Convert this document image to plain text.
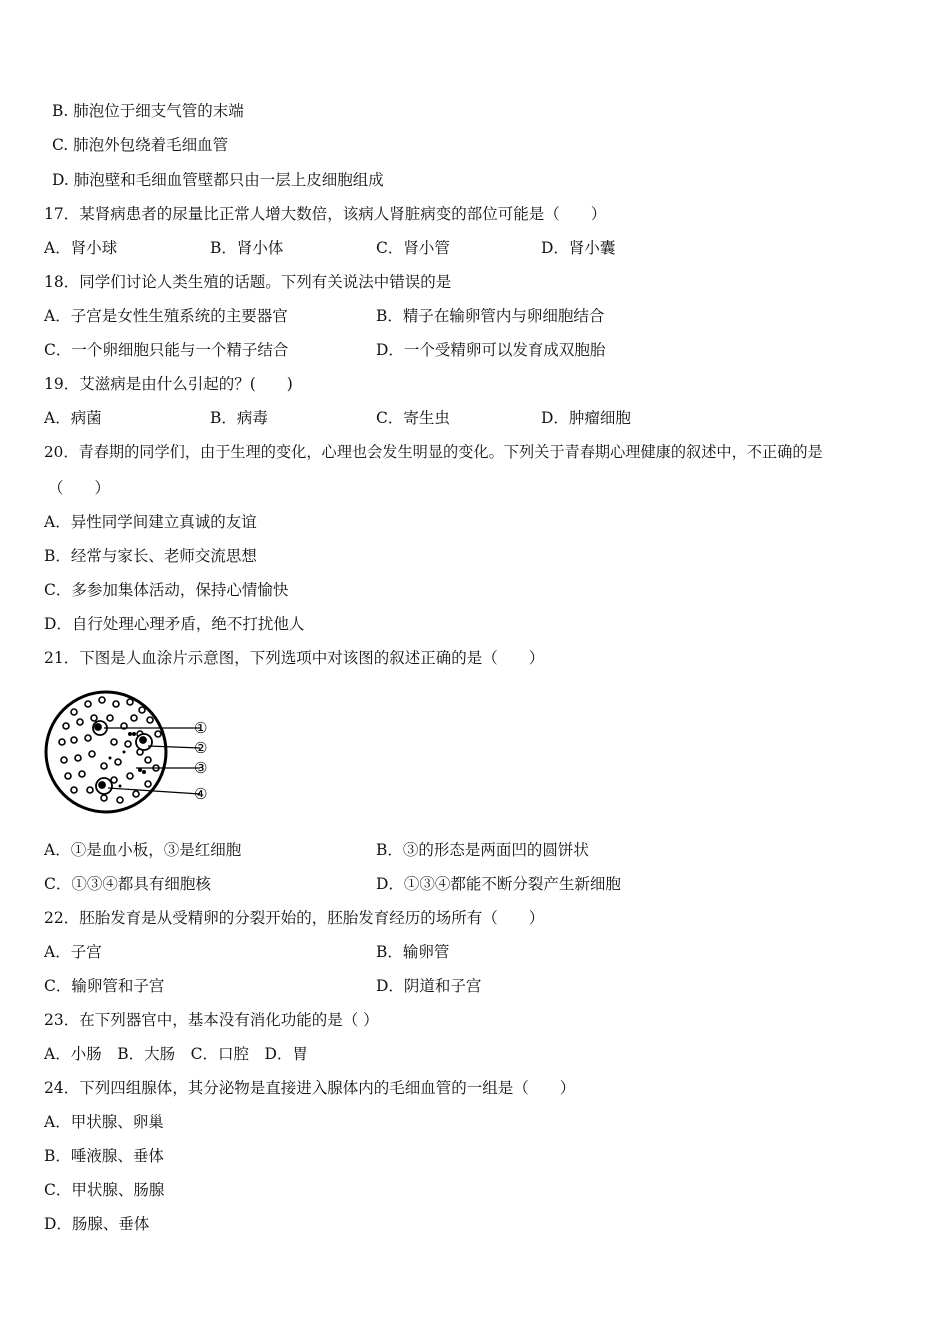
B. 肺泡位于细支气管的末端
C. 肺泡外包绕着毛细血管
D. 肺泡壁和毛细血管壁都只由一层上皮细胞组成
17．某肾病患者的尿量比正常人增大数倍，该病人肾脏病变的部位可能是（　　）
A．肾小球	B．肾小体	C．肾小管	D．肾小囊
18．同学们讨论人类生殖的话题。下列有关说法中错误的是
A．子宫是女性生殖系统的主要器官	B．精子在输卵管内与卵细胞结合
C．一个卵细胞只能与一个精子结合	D．一个受精卵可以发育成双胞胎
19．艾滋病是由什么引起的？(　　)
A．病菌	B．病毒	C．寄生虫	D．肿瘤细胞
20．青春期的同学们，由于生理的变化，心理也会发生明显的变化。下列关于青春期心理健康的叙述中，不正确的是
（　　）
A．异性同学间建立真诚的友谊
B．经常与家长、老师交流思想
C．多参加集体活动，保持心情愉快
D．自行处理心理矛盾，绝不打扰他人
21．下图是人血涂片示意图，下列选项中对该图的叙述正确的是（　　）
①
②
③
④
A．①是血小板，③是红细胞	B．③的形态是两面凹的圆饼状
C．①③④都具有细胞核	D．①③④都能不断分裂产生新细胞
22．胚胎发育是从受精卵的分裂开始的，胚胎发育经历的场所有（　　）
A．子宫	B．输卵管
C．输卵管和子宫	D．阴道和子宫
23．在下列器官中，基本没有消化功能的是（ ）
A．小肠　B．大肠　C．口腔　D．胃
24．下列四组腺体，其分泌物是直接进入腺体内的毛细血管的一组是（　　）
A．甲状腺、卵巢
B．唾液腺、垂体
C．甲状腺、肠腺
D．肠腺、垂体
